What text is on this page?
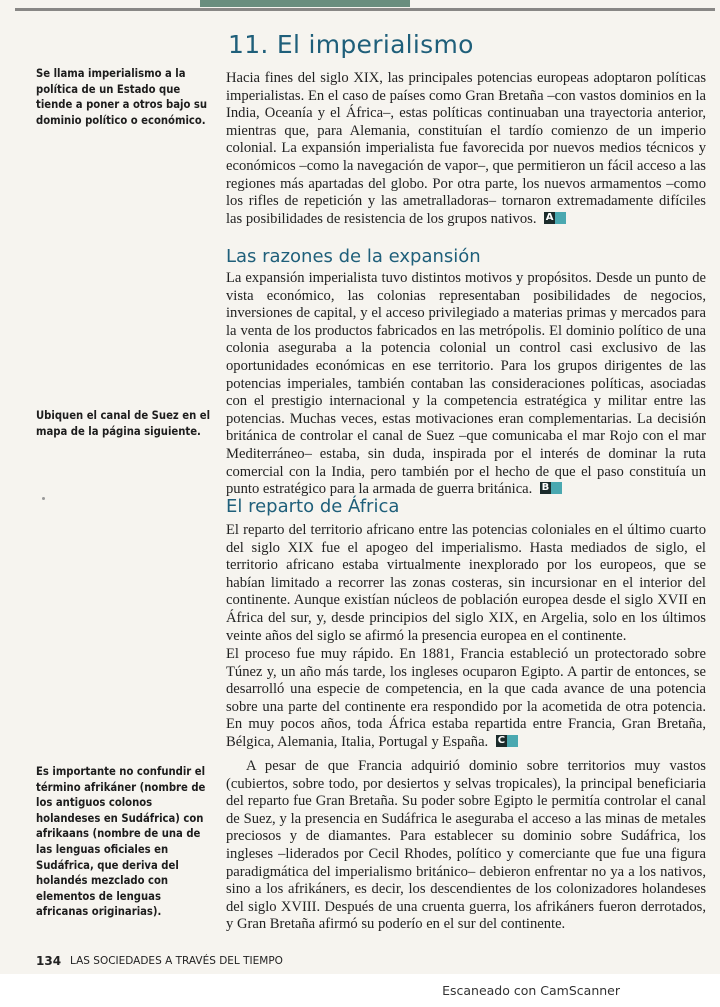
11. El imperialismo
Se llama imperialismo a la política de un Estado que tiende a poner a otros bajo su dominio político o económico.
Ubiquen el canal de Suez en el mapa de la página siguiente.
Es importante no confundir el término afrikáner (nombre de los antiguos colonos holandeses en Sudáfrica) con afrikaans (nombre de una de las lenguas oficiales en Sudáfrica, que deriva del holandés mezclado con elementos de lenguas africanas originarias).
Hacia fines del siglo XIX, las principales potencias europeas adoptaron políticas imperialistas. En el caso de países como Gran Bretaña –con vastos dominios en la India, Oceanía y el África–, estas políticas continuaban una trayectoria anterior, mientras que, para Alemania, constituían el tardío comienzo de un imperio colonial. La expansión imperialista fue favorecida por nuevos medios técnicos y económicos –como la navegación de vapor–, que permitieron un fácil acceso a las regiones más apartadas del globo. Por otra parte, los nuevos armamentos –como los rifles de repetición y las ametralladoras– tornaron extremadamente difíciles las posibilidades de resistencia de los grupos nativos. A
Las razones de la expansión
La expansión imperialista tuvo distintos motivos y propósitos. Desde un punto de vista económico, las colonias representaban posibilidades de negocios, inversiones de capital, y el acceso privilegiado a materias primas y mercados para la venta de los productos fabricados en las metrópolis. El dominio político de una colonia aseguraba a la potencia colonial un control casi exclusivo de las oportunidades económicas en ese territorio. Para los grupos dirigentes de las potencias imperiales, también contaban las consideraciones políticas, asociadas con el prestigio internacional y la competencia estratégica y militar entre las potencias. Muchas veces, estas motivaciones eran complementarias. La decisión británica de controlar el canal de Suez –que comunicaba el mar Rojo con el mar Mediterráneo– estaba, sin duda, inspirada por el interés de dominar la ruta comercial con la India, pero también por el hecho de que el paso constituía un punto estratégico para la armada de guerra británica. B
El reparto de África
El reparto del territorio africano entre las potencias coloniales en el último cuarto del siglo XIX fue el apogeo del imperialismo. Hasta mediados de siglo, el territorio africano estaba virtualmente inexplorado por los europeos, que se habían limitado a recorrer las zonas costeras, sin incursionar en el interior del continente. Aunque existían núcleos de población europea desde el siglo XVII en África del sur, y, desde principios del siglo XIX, en Argelia, solo en los últimos veinte años del siglo se afirmó la presencia europea en el continente.
El proceso fue muy rápido. En 1881, Francia estableció un protectorado sobre Túnez y, un año más tarde, los ingleses ocuparon Egipto. A partir de entonces, se desarrolló una especie de competencia, en la que cada avance de una potencia sobre una parte del continente era respondido por la acometida de otra potencia. En muy pocos años, toda África estaba repartida entre Francia, Gran Bretaña, Bélgica, Alemania, Italia, Portugal y España. C
A pesar de que Francia adquirió dominio sobre territorios muy vastos (cubiertos, sobre todo, por desiertos y selvas tropicales), la principal beneficiaria del reparto fue Gran Bretaña. Su poder sobre Egipto le permitía controlar el canal de Suez, y la presencia en Sudáfrica le aseguraba el acceso a las minas de metales preciosos y de diamantes. Para establecer su dominio sobre Sudáfrica, los ingleses –liderados por Cecil Rhodes, político y comerciante que fue una figura paradigmática del imperialismo británico– debieron enfrentar no ya a los nativos, sino a los afrikáners, es decir, los descendientes de los colonizadores holandeses del siglo XVIII. Después de una cruenta guerra, los afrikáners fueron derrotados, y Gran Bretaña afirmó su poderío en el sur del continente.
134 LAS SOCIEDADES A TRAVÉS DEL TIEMPO
Escaneado con CamScanner
